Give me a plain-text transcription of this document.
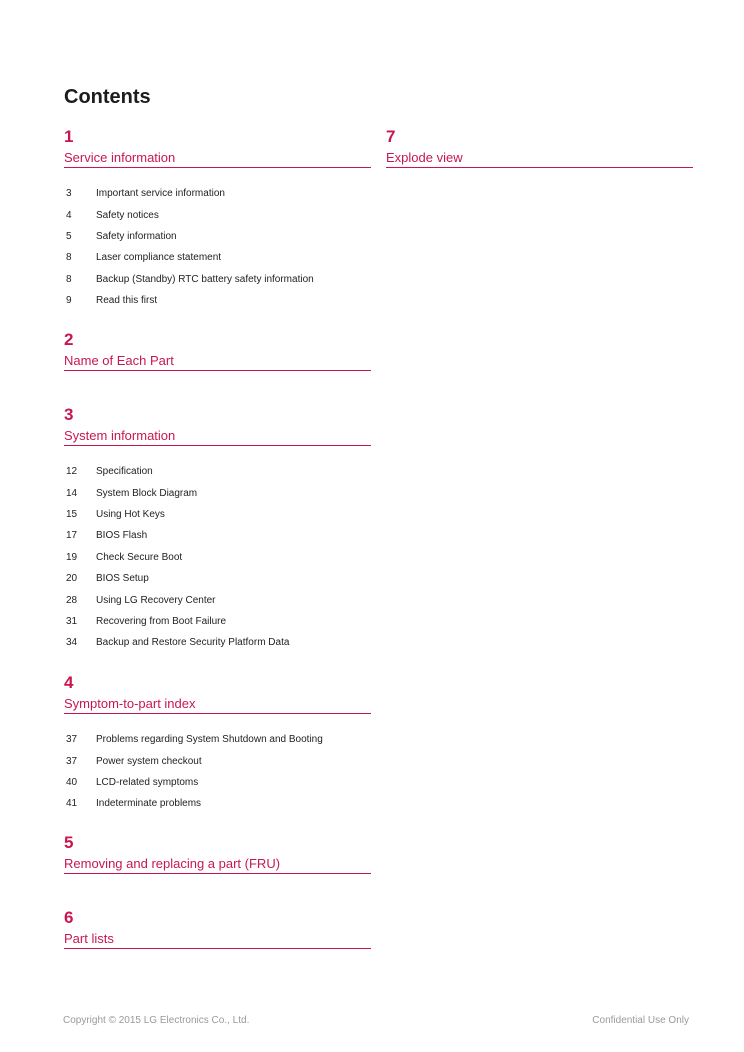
Contents
1
Service information
3	Important service information
4	Safety notices
5	Safety information
8	Laser compliance statement
8	Backup (Standby) RTC battery safety information
9	Read this first
2
Name of Each Part
3
System information
12	Specification
14	System Block Diagram
15	Using Hot Keys
17	BIOS Flash
19	Check Secure Boot
20	BIOS Setup
28	Using LG Recovery Center
31	Recovering from Boot Failure
34	Backup and Restore Security Platform Data
4
Symptom-to-part index
37	Problems regarding System Shutdown and Booting
37	Power system checkout
40	LCD-related symptoms
41	Indeterminate problems
5
Removing and replacing a part (FRU)
6
Part lists
7
Explode view
Copyright © 2015 LG Electronics Co., Ltd.	Confidential Use Only
